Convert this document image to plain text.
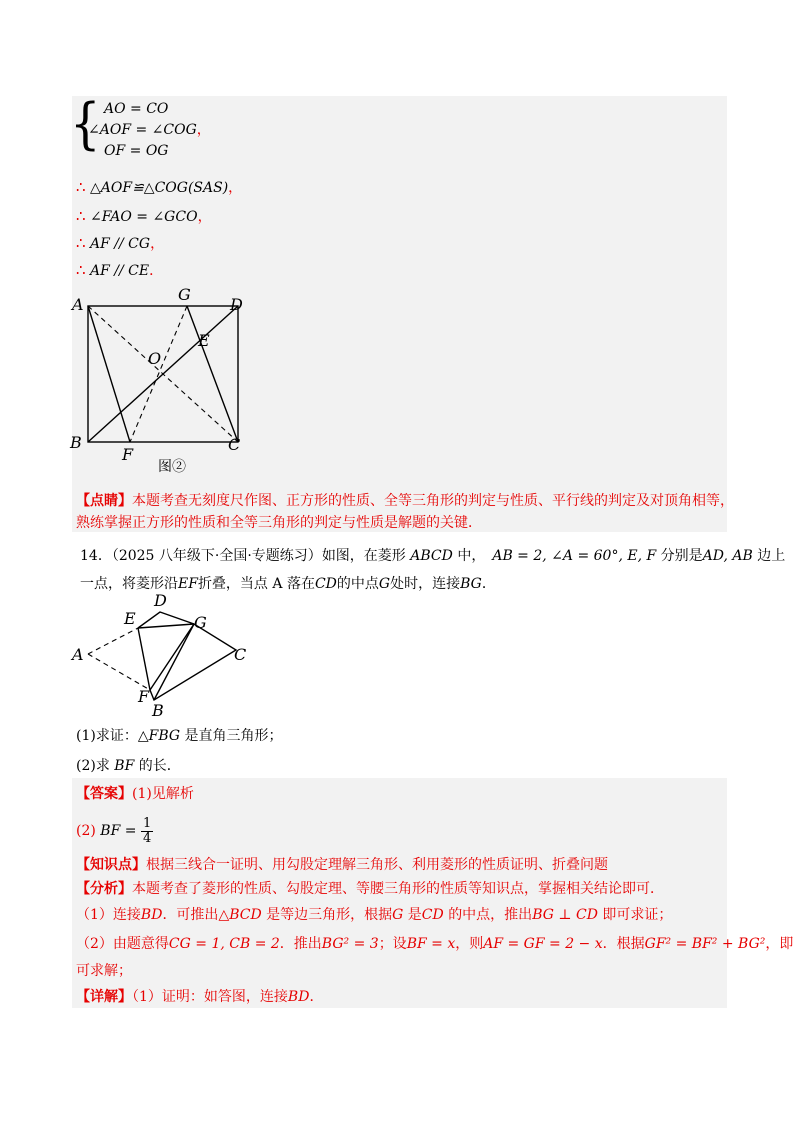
{ AO = CO
∠AOF = ∠COG，
OF = OG
∴ △AOF≌△COG(SAS)，
∴ ∠FAO = ∠GCO，
∴ AF // CG，
∴ AF // CE．
A
G
D
E
O
B
F
C
图②
【点睛】本题考查无刻度尺作图、正方形的性质、全等三角形的判定与性质、平行线的判定及对顶角相等，
熟练掌握正方形的性质和全等三角形的判定与性质是解题的关键．
14．（2025 八年级下·全国·专题练习）如图，在菱形 ABCD 中，　 AB = 2, ∠A = 60°, E, F 分别是AD, AB 边上
一点，将菱形沿EF折叠，当点 A 落在CD的中点G处时，连接BG．
D
E	G
A	C
F
B
(1)求证：△FBG 是直角三角形；
(2)求 BF 的长．
【答案】(1)见解析
(2) BF = $\frac{1}{4}$
【知识点】根据三线合一证明、用勾股定理解三角形、利用菱形的性质证明、折叠问题
【分析】本题考查了菱形的性质、勾股定理、等腰三角形的性质等知识点，掌握相关结论即可．
（1）连接BD．可推出△BCD 是等边三角形，根据G 是CD 的中点，推出BG ⊥ CD 即可求证；
（2）由题意得CG = 1, CB = 2．推出BG² = 3；设BF = x，则AF = GF = 2 − x．根据GF² = BF² + BG²，即
可求解；
【详解】（1）证明：如答图，连接BD．
